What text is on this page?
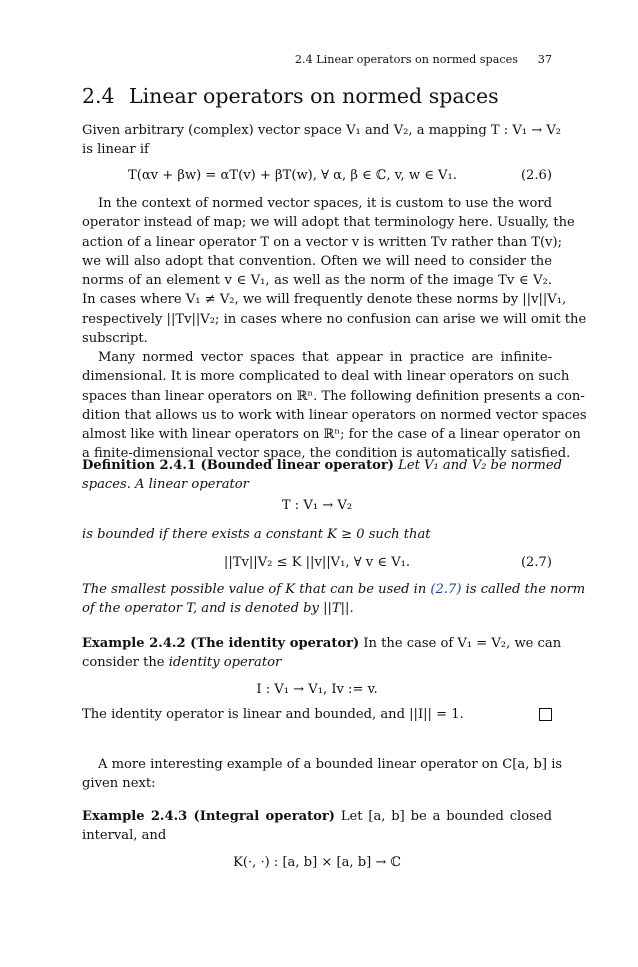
2.4 Linear operators on normed spaces 37
2.4 Linear operators on normed spaces
Given arbitrary (complex) vector space V₁ and V₂, a mapping T : V₁ → V₂
is linear if
T(αv + βw) = αT(v) + βT(w), ∀ α, β ∈ ℂ, v, w ∈ V₁.	(2.6)
In the context of normed vector spaces, it is custom to use the word
operator instead of map; we will adopt that terminology here. Usually, the
action of a linear operator T on a vector v is written Tv rather than T(v);
we will also adopt that convention. Often we will need to consider the
norms of an element v ∈ V₁, as well as the norm of the image Tv ∈ V₂.
In cases where V₁ ≠ V₂, we will frequently denote these norms by ||v||V₁,
respectively ||Tv||V₂; in cases where no confusion can arise we will omit the
subscript.
Many normed vector spaces that appear in practice are infinite-
dimensional. It is more complicated to deal with linear operators on such
spaces than linear operators on ℝⁿ. The following definition presents a con-
dition that allows us to work with linear operators on normed vector spaces
almost like with linear operators on ℝⁿ; for the case of a linear operator on
a finite-dimensional vector space, the condition is automatically satisfied.
Definition 2.4.1 (Bounded linear operator) Let V₁ and V₂ be normed
spaces. A linear operator
T : V₁ → V₂
is bounded if there exists a constant K ≥ 0 such that
||Tv||V₂ ≤ K ||v||V₁, ∀ v ∈ V₁.	(2.7)
The smallest possible value of K that can be used in (2.7) is called the norm
of the operator T, and is denoted by ||T||.
Example 2.4.2 (The identity operator) In the case of V₁ = V₂, we can
consider the identity operator
I : V₁ → V₁, Iv := v.
The identity operator is linear and bounded, and ||I|| = 1.
A more interesting example of a bounded linear operator on C[a, b] is
given next:
Example 2.4.3 (Integral operator) Let [a, b] be a bounded closed
interval, and
K(·, ·) : [a, b] × [a, b] → ℂ
